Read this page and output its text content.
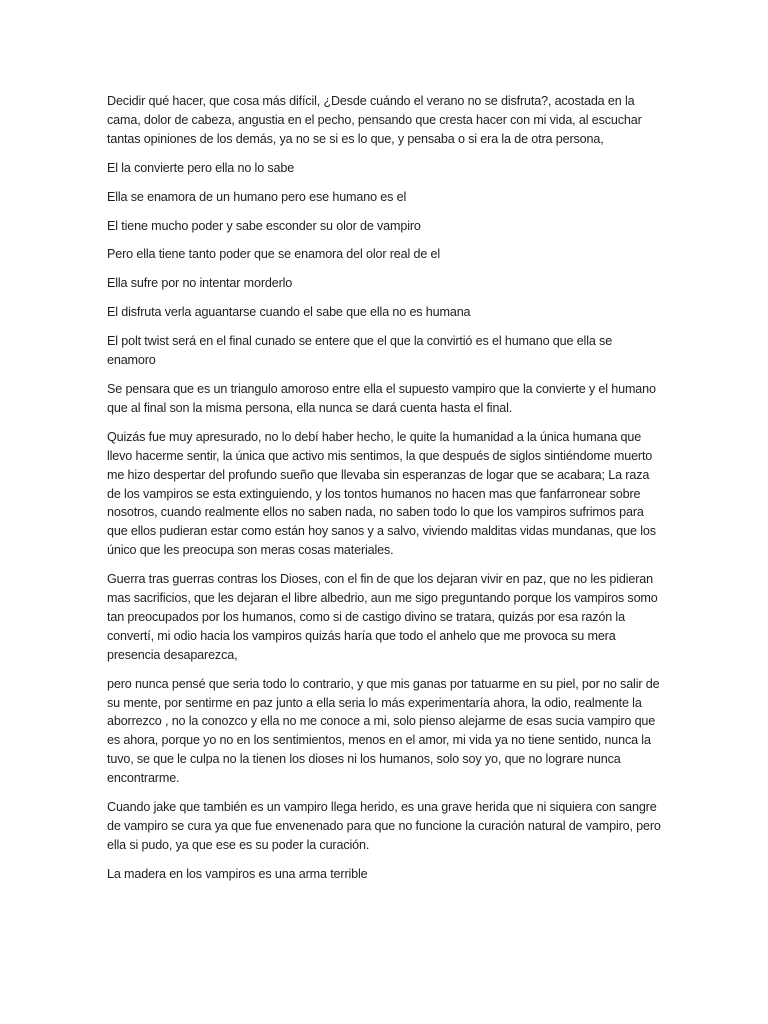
Decidir qué hacer, que cosa más difícil, ¿Desde cuándo el verano no se disfruta?, acostada en la cama, dolor de cabeza, angustia en el pecho, pensando que cresta hacer con mi vida, al escuchar tantas opiniones de los demás, ya no se si es lo que, y pensaba o si era la de otra persona,

El la convierte pero ella no lo sabe

Ella se enamora de un humano pero ese humano es el

El tiene mucho poder y sabe esconder su olor de vampiro

Pero ella tiene tanto poder que se enamora del olor real de el

Ella sufre por no intentar morderlo

El disfruta verla aguantarse cuando el sabe que ella no es humana

El polt twist será en el final cunado se entere que el que la convirtió es el humano que ella se enamoro

Se pensara que es un triangulo amoroso entre ella el supuesto vampiro que la convierte y el humano que al final son la misma persona, ella nunca se dará cuenta hasta el final.

Quizás fue muy apresurado, no lo debí haber hecho, le quite la humanidad a la única humana que llevo hacerme sentir, la única que activo mis sentimos, la que después de siglos sintiéndome muerto me hizo despertar del profundo sueño que llevaba sin esperanzas de logar que se acabara; La raza de los vampiros se esta extinguiendo, y los tontos humanos no hacen mas que fanfarronear sobre nosotros, cuando realmente ellos no saben nada, no saben todo lo que los vampiros sufrimos para que ellos pudieran estar como están hoy sanos y a salvo, viviendo malditas vidas mundanas, que los único que les preocupa son meras cosas materiales.

Guerra tras guerras contras los Dioses, con el fin de que los dejaran vivir en paz, que no les pidieran mas sacrificios, que les dejaran el libre albedrio, aun me sigo preguntando porque los vampiros somo tan preocupados por los humanos, como si de castigo divino se tratara, quizás por esa razón la convertí, mi odio hacia los vampiros quizás haría que todo el anhelo que me provoca su mera presencia desaparezca,

pero nunca pensé que seria todo lo contrario, y que mis ganas por tatuarme en su piel, por no salir de su mente, por sentirme en paz junto a ella seria lo más experimentaría ahora, la odio, realmente la aborrezco , no la conozco y ella no me conoce a mi, solo pienso alejarme de esas sucia vampiro que es ahora, porque yo no en los sentimientos, menos en el amor, mi vida ya no tiene sentido, nunca la tuvo, se que le culpa no la tienen los dioses ni los humanos, solo soy yo, que no lograre nunca encontrarme.

Cuando jake que también es un vampiro llega herido, es una grave herida que ni siquiera con sangre de vampiro se cura ya que fue envenenado para que no funcione la curación natural de vampiro, pero ella si pudo, ya que ese es su poder la curación.

La madera en los vampiros es una arma terrible
